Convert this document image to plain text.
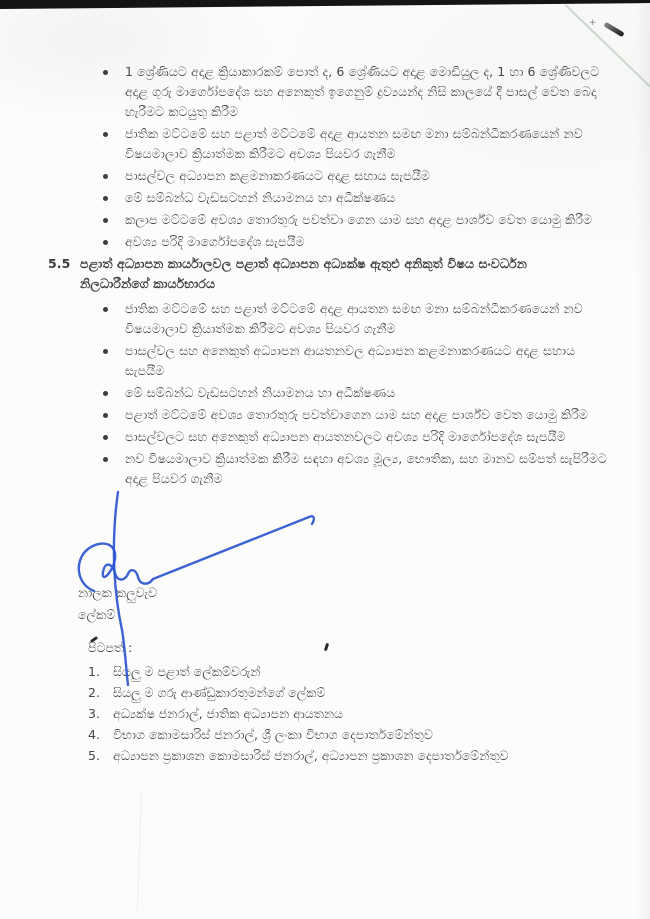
+
1 ශ්‍රේණියට අදාළ ක්‍රියාකාරකම් පොත් ද, 6 ශ්‍රේණියට අදාළ මොඩියුල ද, 1 හා 6 ශ්‍රේණිවලට අදාළ ගුරු මාර්ගෝපදේශ සහ අනෙකුත් ඉගෙනුම් ද්‍රව්‍යයන්ද නිසි කාලයේ දී පාසල් වෙත බෙදා හැරීමට කටයුතු කිරීම
ජාතික මට්ටමේ සහ පළාත් මට්ටමේ අදාළ ආයතන සමඟ මනා සම්බන්ධීකරණයෙන් නව විෂයමාලාව ක්‍රියාත්මක කිරීමට අවශ්‍ය පියවර ගැනීම
පාසල්වල අධ්‍යාපන කළමනාකරණයට අදාළ සහාය සැපයීම
මේ සම්බන්ධ වැඩසටහන් නියාමනය හා අධීක්ෂණය
කලාප මට්ටමේ අවශ්‍ය තොරතුරු පවත්වා ගෙන යාම සහ අදාළ පාර්ශ්ව වෙත යොමු කිරීම
අවශ්‍ය පරිදි මාර්ගෝපදේශ සැපයීම
5.5 පළාත් අධ්‍යාපන කාර්යාලවල පළාත් අධ්‍යාපන අධ්‍යක්ෂ ඇතුළු අනිකුත් විෂය සංවර්ධන නිලධාරීන්ගේ කාර්යභාරය
ජාතික මට්ටමේ සහ පළාත් මට්ටමේ අදාළ ආයතන සමඟ මනා සම්බන්ධීකරණයෙන් නව විෂයමාලාව ක්‍රියාත්මක කිරීමට අවශ්‍ය පියවර ගැනීම
පාසල්වල සහ අනෙකුත් අධ්‍යාපන ආයතනවල අධ්‍යාපන කළමනාකරණයට අදාළ සහාය සැපයීම
මේ සම්බන්ධ වැඩසටහන් නියාමනය හා අධීක්ෂණය
පළාත් මට්ටමේ අවශ්‍ය තොරතුරු පවත්වාගෙන යාම සහ අදාළ පාර්ශ්ව වෙත යොමු කිරීම
පාසල්වලට සහ අනෙකුත් අධ්‍යාපන ආයතනවලට අවශ්‍ය පරිදි මාර්ගෝපදේශ සැපයීම
නව විෂයමාලාව ක්‍රියාත්මක කිරීම සඳහා අවශ්‍ය මූල්‍ය, භෞතික, සහ මානව සම්පත් සැපිරීමට අදාළ පියවර ගැනීම
නාලක කලුවැව
ලේකම්
පිටපත් :
1.	සියලු ම පළාත් ලේකම්වරුන්
2.	සියලු ම ගරු ආණ්ඩුකාරතුමන්ගේ ලේකම්
3.	අධ්‍යක්ෂ ජනරාල්, ජාතික අධ්‍යාපන ආයතනය
4.	විභාග කොමසාරිස් ජනරාල්, ශ්‍රී ලංකා විභාග දෙපාර්තමේන්තුව
5.	අධ්‍යාපන ප්‍රකාශන කොමසාරිස් ජනරාල්, අධ්‍යාපන ප්‍රකාශන දෙපාර්තමේන්තුව
